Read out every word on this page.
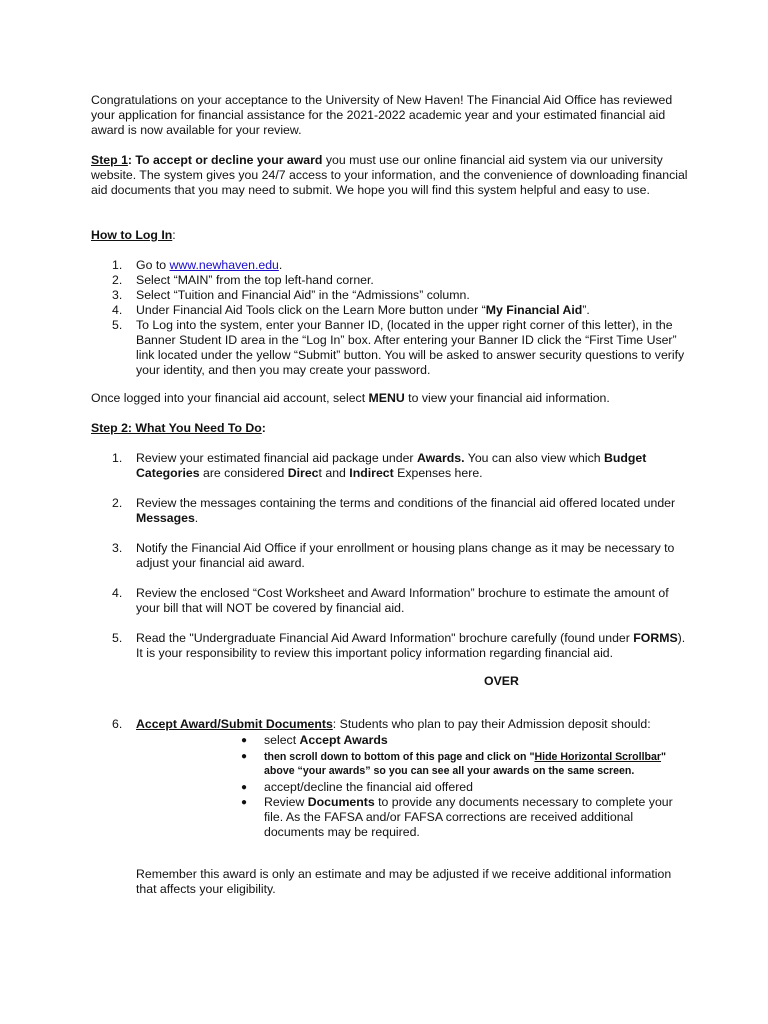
Congratulations on your acceptance to the University of New Haven! The Financial Aid Office has reviewed your application for financial assistance for the 2021-2022 academic year and your estimated financial aid award is now available for your review.

Step 1: To accept or decline your award you must use our online financial aid system via our university website. The system gives you 24/7 access to your information, and the convenience of downloading financial aid documents that you may need to submit. We hope you will find this system helpful and easy to use.

How to Log In:

1. Go to www.newhaven.edu.
2. Select “MAIN” from the top left-hand corner.
3. Select “Tuition and Financial Aid” in the “Admissions” column.
4. Under Financial Aid Tools click on the Learn More button under “My Financial Aid”.
5. To Log into the system, enter your Banner ID, (located in the upper right corner of this letter), in the Banner Student ID area in the “Log In” box. After entering your Banner ID click the “First Time User” link located under the yellow “Submit” button. You will be asked to answer security questions to verify your identity, and then you may create your password.

Once logged into your financial aid account, select MENU to view your financial aid information.

Step 2: What You Need To Do:

1. Review your estimated financial aid package under Awards. You can also view which Budget Categories are considered Direct and Indirect Expenses here.
2. Review the messages containing the terms and conditions of the financial aid offered located under Messages.
3. Notify the Financial Aid Office if your enrollment or housing plans change as it may be necessary to adjust your financial aid award.
4. Review the enclosed “Cost Worksheet and Award Information” brochure to estimate the amount of your bill that will NOT be covered by financial aid.
5. Read the "Undergraduate Financial Aid Award Information" brochure carefully (found under FORMS). It is your responsibility to review this important policy information regarding financial aid.
OVER
6. Accept Award/Submit Documents: Students who plan to pay their Admission deposit should:
● select Accept Awards
● then scroll down to bottom of this page and click on "Hide Horizontal Scrollbar" above “your awards” so you can see all your awards on the same screen.
● accept/decline the financial aid offered
● Review Documents to provide any documents necessary to complete your file. As the FAFSA and/or FAFSA corrections are received additional documents may be required.

Remember this award is only an estimate and may be adjusted if we receive additional information that affects your eligibility.
